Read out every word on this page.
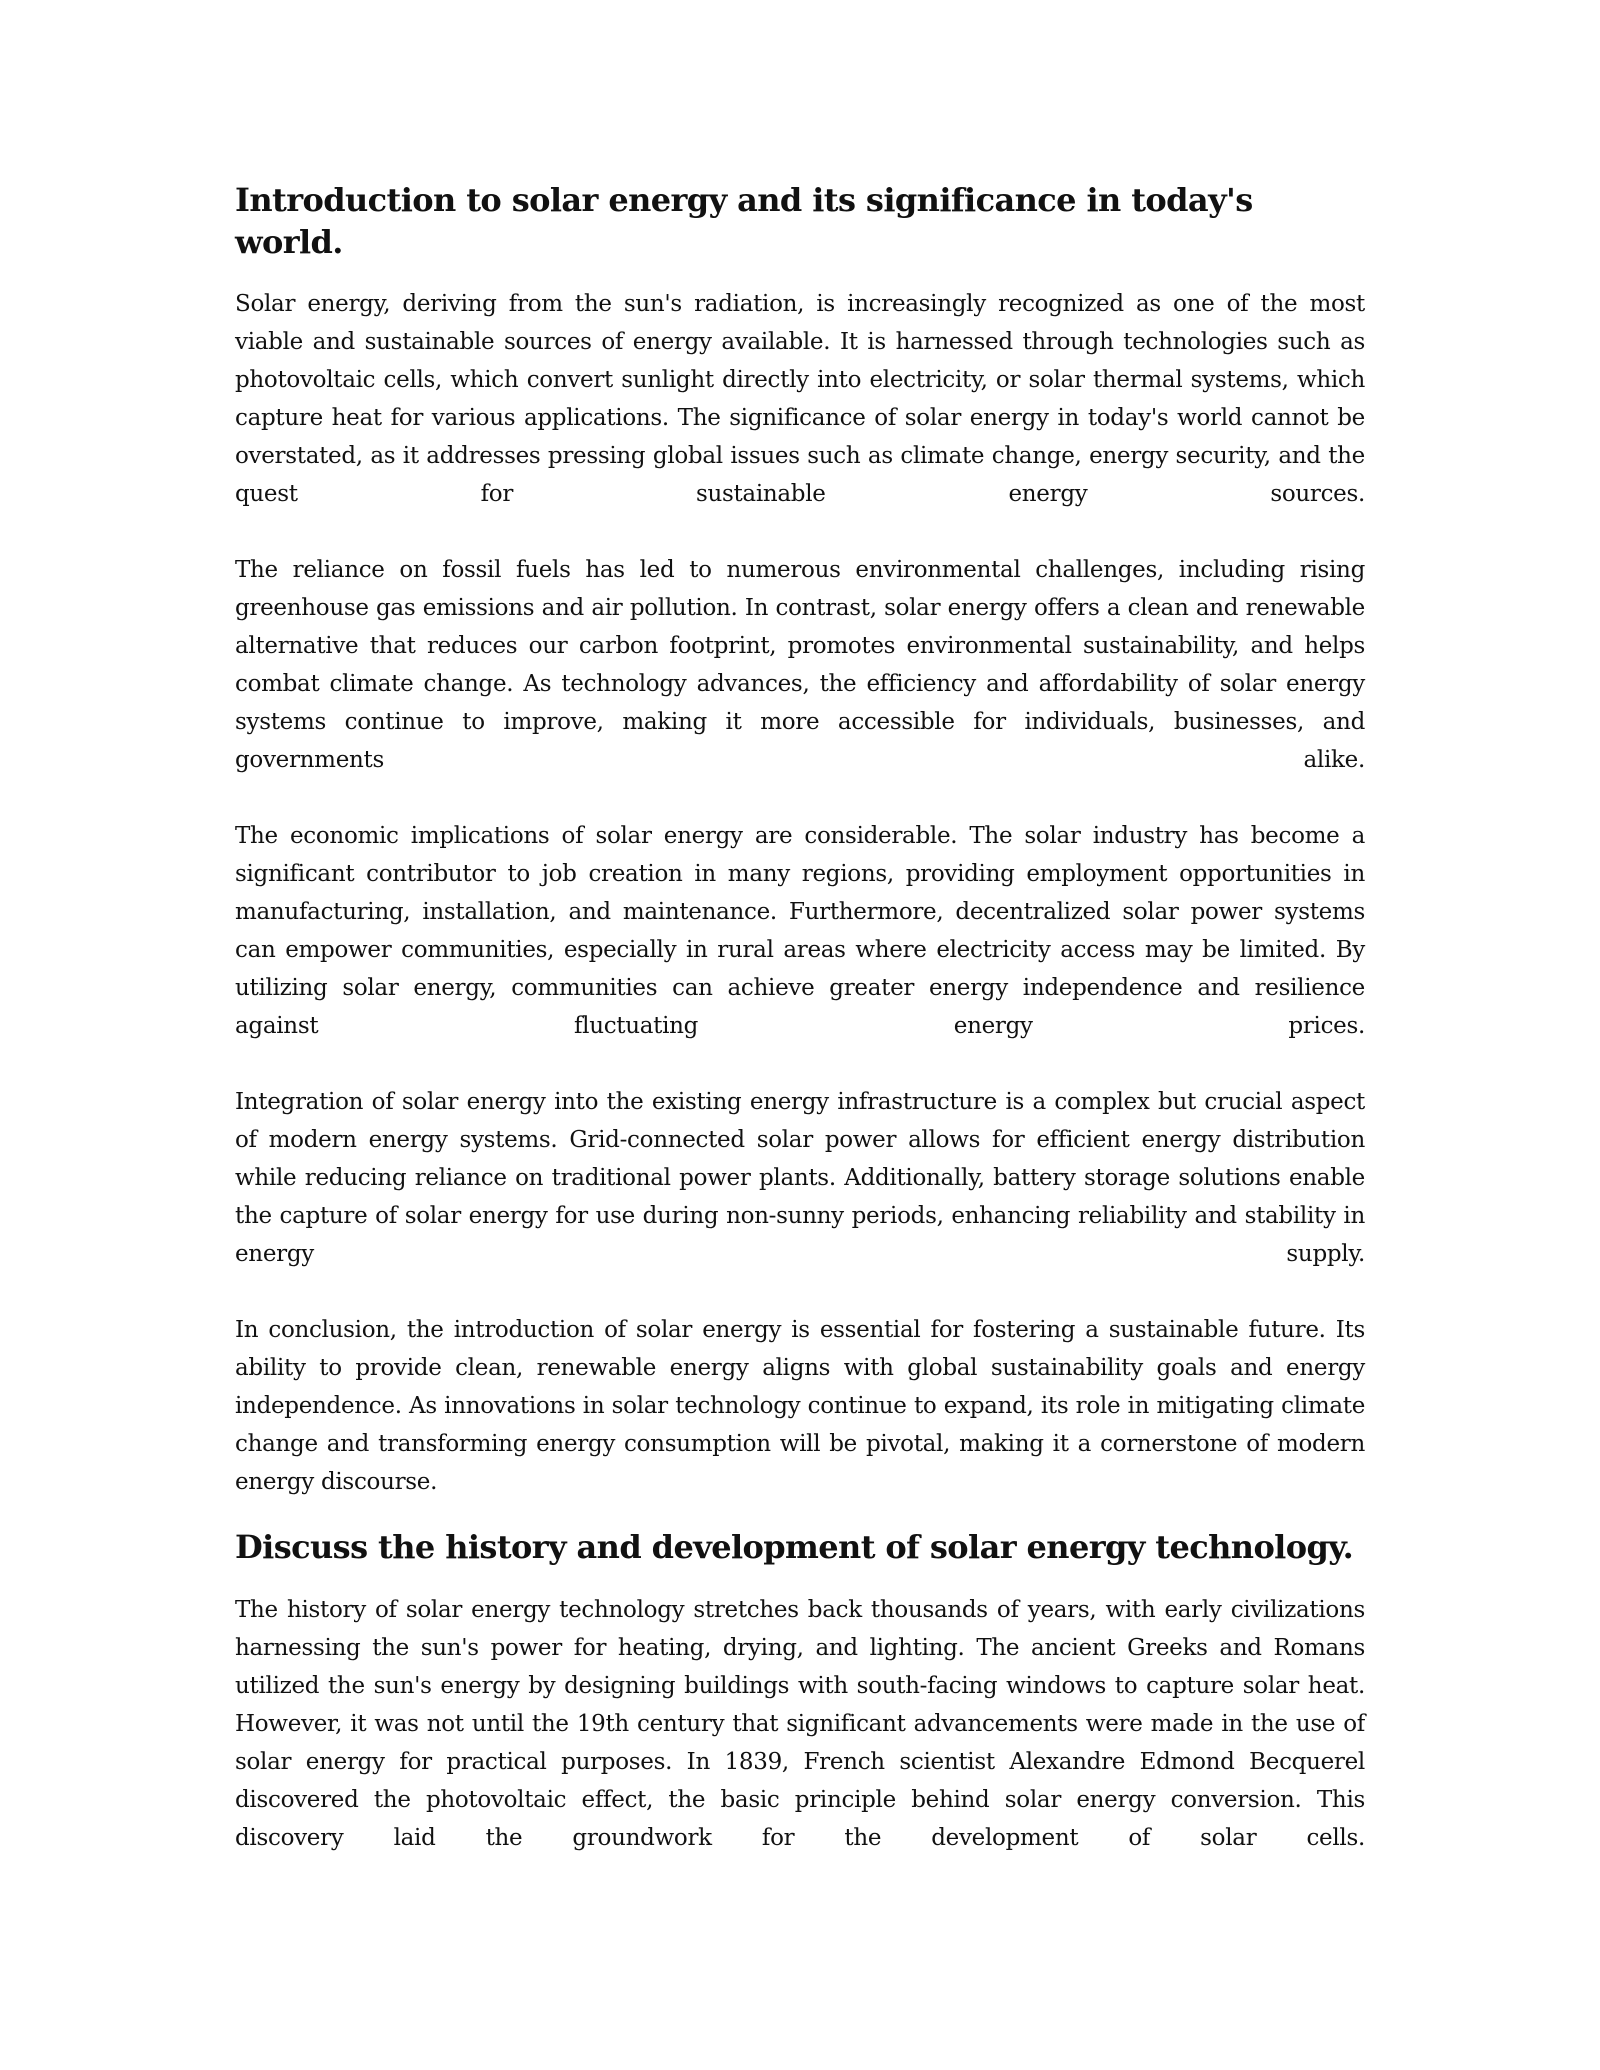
Introduction to solar energy and its significance in today's world.

Solar energy, deriving from the sun's radiation, is increasingly recognized as one of the most viable and sustainable sources of energy available. It is harnessed through technologies such as photovoltaic cells, which convert sunlight directly into electricity, or solar thermal systems, which capture heat for various applications. The significance of solar energy in today's world cannot be overstated, as it addresses pressing global issues such as climate change, energy security, and the quest for sustainable energy sources.

The reliance on fossil fuels has led to numerous environmental challenges, including rising greenhouse gas emissions and air pollution. In contrast, solar energy offers a clean and renewable alternative that reduces our carbon footprint, promotes environmental sustainability, and helps combat climate change. As technology advances, the efficiency and affordability of solar energy systems continue to improve, making it more accessible for individuals, businesses, and governments alike.

The economic implications of solar energy are considerable. The solar industry has become a significant contributor to job creation in many regions, providing employment opportunities in manufacturing, installation, and maintenance. Furthermore, decentralized solar power systems can empower communities, especially in rural areas where electricity access may be limited. By utilizing solar energy, communities can achieve greater energy independence and resilience against fluctuating energy prices.

Integration of solar energy into the existing energy infrastructure is a complex but crucial aspect of modern energy systems. Grid-connected solar power allows for efficient energy distribution while reducing reliance on traditional power plants. Additionally, battery storage solutions enable the capture of solar energy for use during non-sunny periods, enhancing reliability and stability in energy supply.

In conclusion, the introduction of solar energy is essential for fostering a sustainable future. Its ability to provide clean, renewable energy aligns with global sustainability goals and energy independence. As innovations in solar technology continue to expand, its role in mitigating climate change and transforming energy consumption will be pivotal, making it a cornerstone of modern energy discourse.

Discuss the history and development of solar energy technology.

The history of solar energy technology stretches back thousands of years, with early civilizations harnessing the sun's power for heating, drying, and lighting. The ancient Greeks and Romans utilized the sun's energy by designing buildings with south-facing windows to capture solar heat. However, it was not until the 19th century that significant advancements were made in the use of solar energy for practical purposes. In 1839, French scientist Alexandre Edmond Becquerel discovered the photovoltaic effect, the basic principle behind solar energy conversion. This discovery laid the groundwork for the development of solar cells.
